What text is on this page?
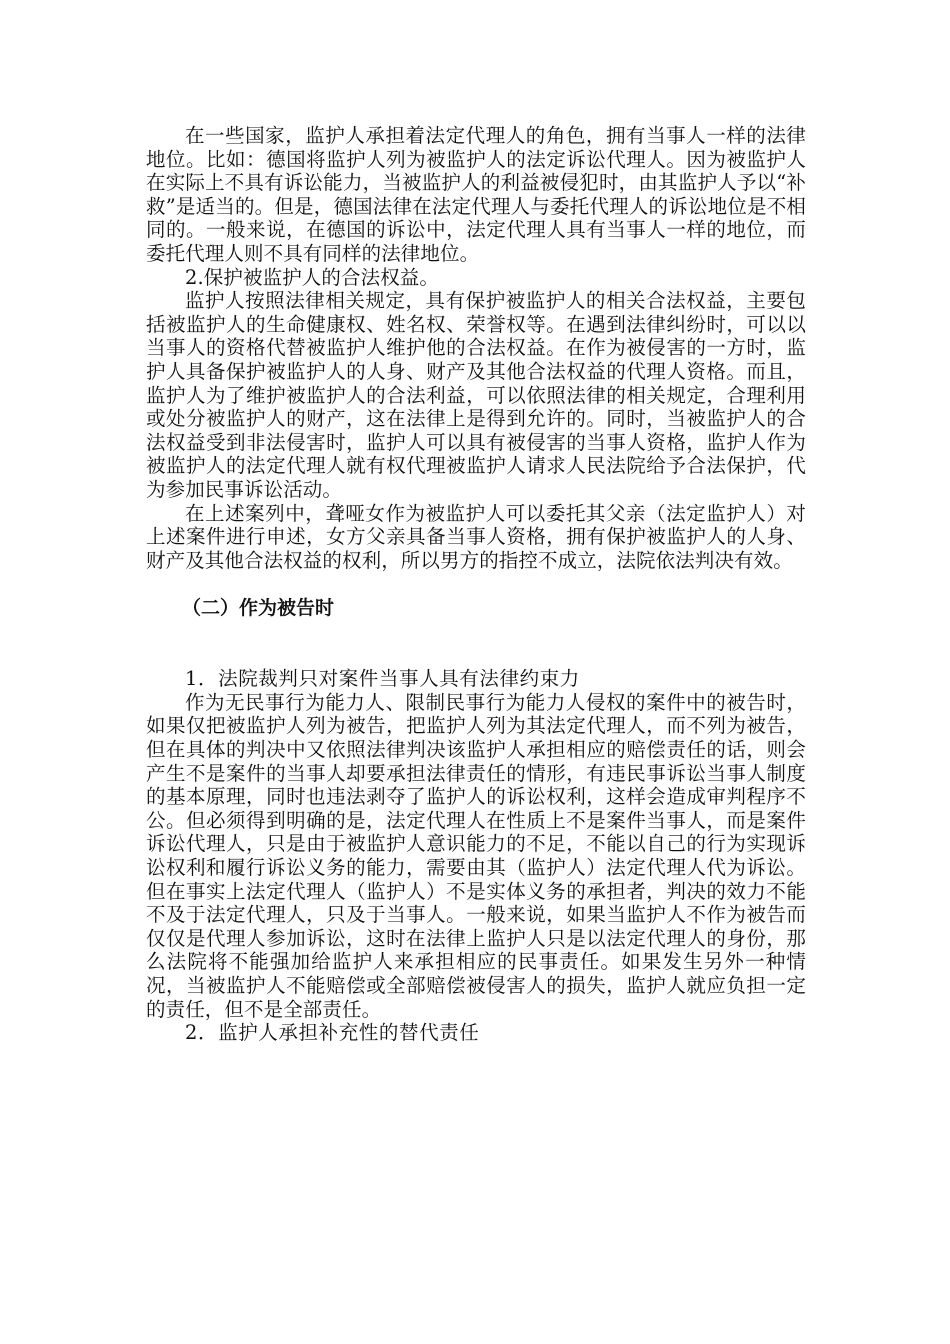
在一些国家，监护人承担着法定代理人的角色，拥有当事人一样的法律地位。比如：德国将监护人列为被监护人的法定诉讼代理人。因为被监护人在实际上不具有诉讼能力，当被监护人的利益被侵犯时，由其监护人予以“补救”是适当的。但是，德国法律在法定代理人与委托代理人的诉讼地位是不相同的。一般来说，在德国的诉讼中，法定代理人具有当事人一样的地位，而委托代理人则不具有同样的法律地位。

2.保护被监护人的合法权益。

监护人按照法律相关规定，具有保护被监护人的相关合法权益，主要包括被监护人的生命健康权、姓名权、荣誉权等。在遇到法律纠纷时，可以以当事人的资格代替被监护人维护他的合法权益。在作为被侵害的一方时，监护人具备保护被监护人的人身、财产及其他合法权益的代理人资格。而且，监护人为了维护被监护人的合法利益，可以依照法律的相关规定，合理利用或处分被监护人的财产，这在法律上是得到允许的。同时，当被监护人的合法权益受到非法侵害时，监护人可以具有被侵害的当事人资格，监护人作为被监护人的法定代理人就有权代理被监护人请求人民法院给予合法保护，代为参加民事诉讼活动。

在上述案列中，聋哑女作为被监护人可以委托其父亲（法定监护人）对上述案件进行申述，女方父亲具备当事人资格，拥有保护被监护人的人身、财产及其他合法权益的权利，所以男方的指控不成立，法院依法判决有效。

（二）作为被告时

1．法院裁判只对案件当事人具有法律约束力

作为无民事行为能力人、限制民事行为能力人侵权的案件中的被告时，如果仅把被监护人列为被告，把监护人列为其法定代理人，而不列为被告，但在具体的判决中又依照法律判决该监护人承担相应的赔偿责任的话，则会产生不是案件的当事人却要承担法律责任的情形，有违民事诉讼当事人制度的基本原理，同时也违法剥夺了监护人的诉讼权利，这样会造成审判程序不公。但必须得到明确的是，法定代理人在性质上不是案件当事人，而是案件诉讼代理人，只是由于被监护人意识能力的不足，不能以自己的行为实现诉讼权利和履行诉讼义务的能力，需要由其（监护人）法定代理人代为诉讼。但在事实上法定代理人（监护人）不是实体义务的承担者，判决的效力不能不及于法定代理人，只及于当事人。一般来说，如果当监护人不作为被告而仅仅是代理人参加诉讼，这时在法律上监护人只是以法定代理人的身份，那么法院将不能强加给监护人来承担相应的民事责任。如果发生另外一种情况，当被监护人不能赔偿或全部赔偿被侵害人的损失，监护人就应负担一定的责任，但不是全部责任。

2．监护人承担补充性的替代责任
